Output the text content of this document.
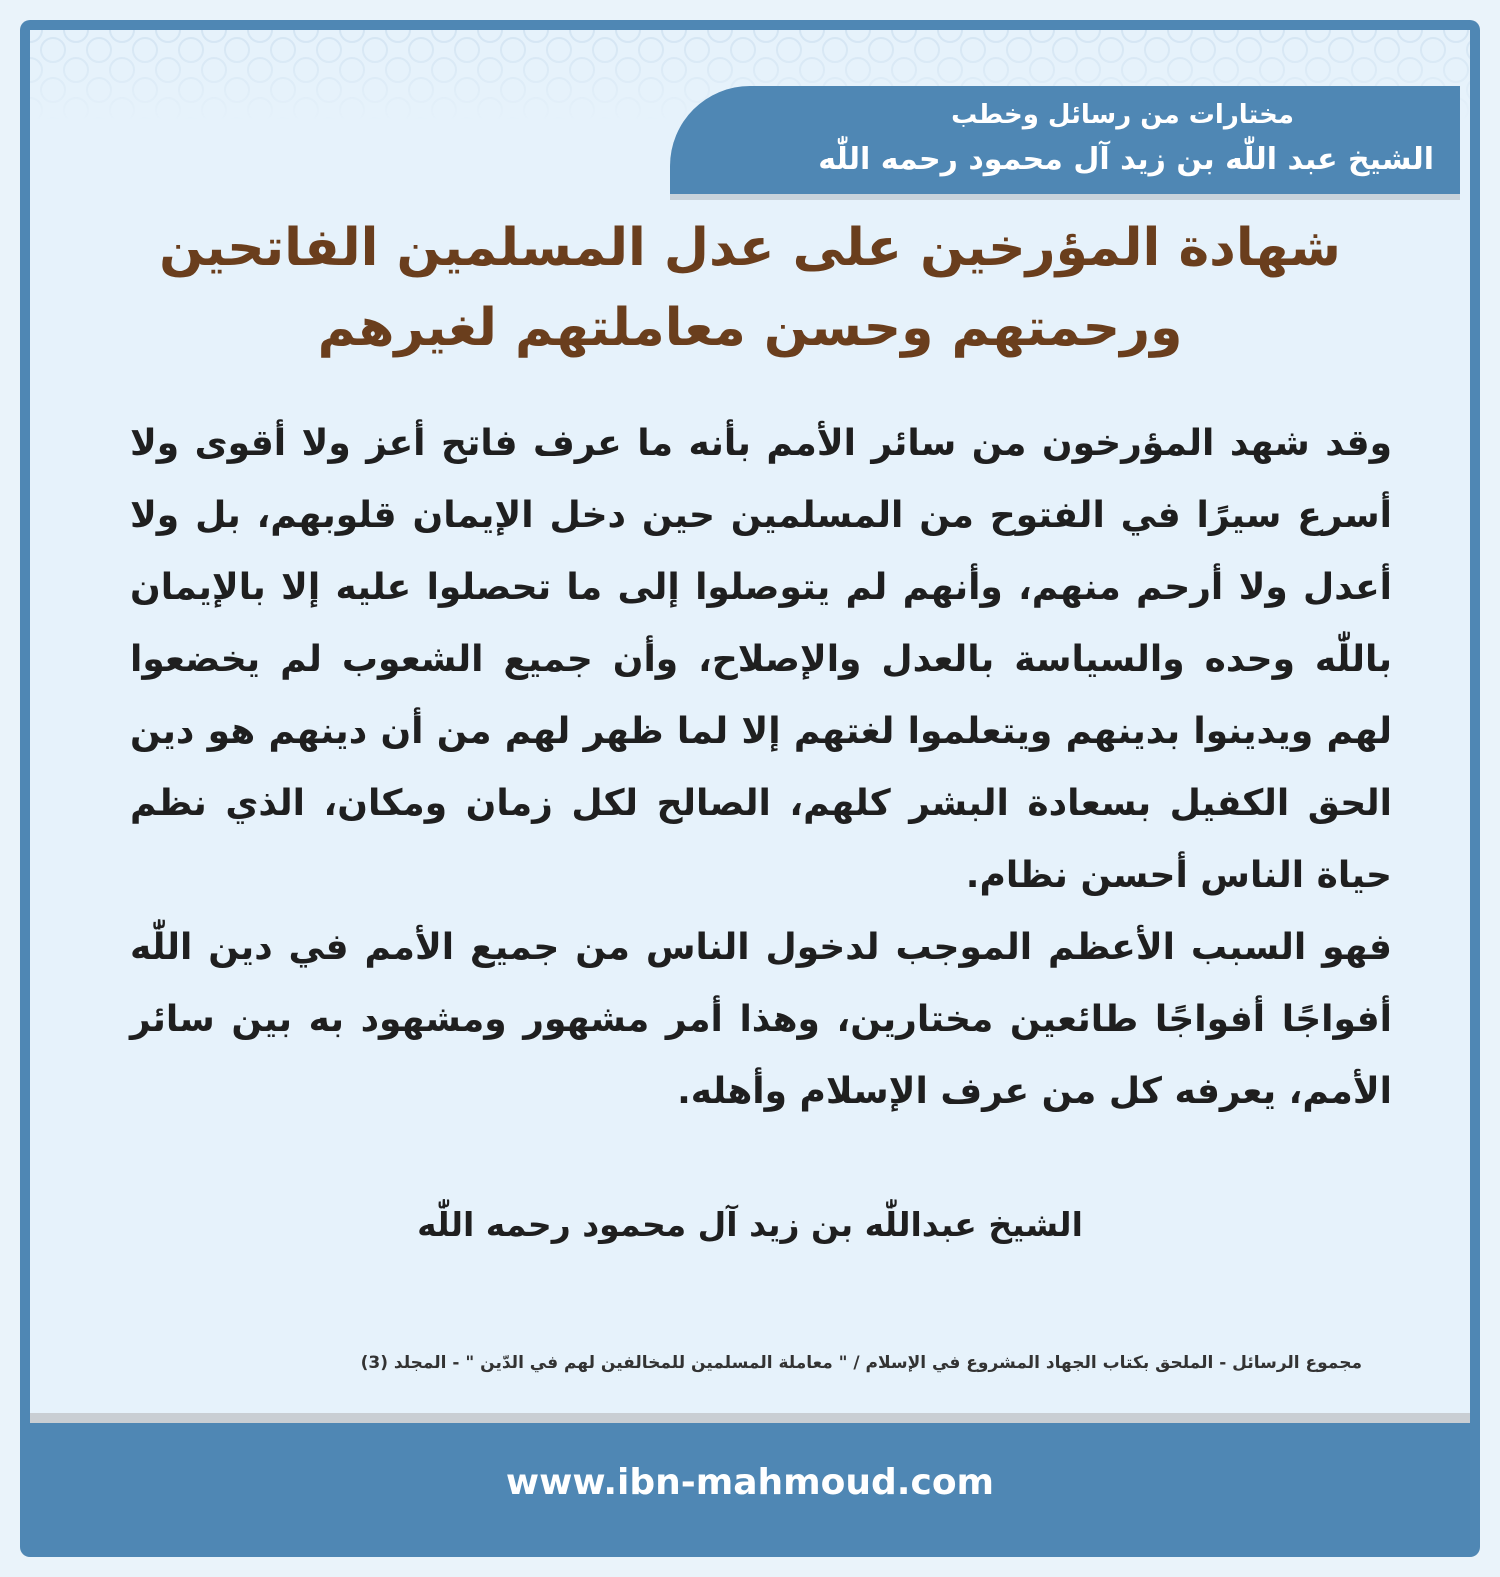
مختارات من رسائل وخطب
الشيخ عبد اللّٰه بن زيد آل محمود رحمه اللّٰه
شهادة المؤرخين على عدل المسلمين الفاتحين
ورحمتهم وحسن معاملتهم لغيرهم

وقد شهد المؤرخون من سائر الأمم بأنه ما عرف فاتح أعز ولا أقوى ولا أسرع سيرًا في الفتوح من المسلمين حين دخل الإيمان قلوبهم، بل ولا أعدل ولا أرحم منهم، وأنهم لم يتوصلوا إلى ما تحصلوا عليه إلا بالإيمان باللّٰه وحده والسياسة بالعدل والإصلاح، وأن جميع الشعوب لم يخضعوا لهم ويدينوا بدينهم ويتعلموا لغتهم إلا لما ظهر لهم من أن دينهم هو دين الحق الكفيل بسعادة البشر كلهم، الصالح لكل زمان ومكان، الذي نظم حياة الناس أحسن نظام.

فهو السبب الأعظم الموجب لدخول الناس من جميع الأمم في دين اللّٰه أفواجًا أفواجًا طائعين مختارين، وهذا أمر مشهور ومشهود به بين سائر الأمم، يعرفه كل من عرف الإسلام وأهله.

الشيخ عبداللّٰه بن زيد آل محمود رحمه اللّٰه
مجموع الرسائل - الملحق بكتاب الجهاد المشروع في الإسلام / " معاملة المسلمين للمخالفين لهم في الدّين " - المجلد (3)
www.ibn-mahmoud.com
